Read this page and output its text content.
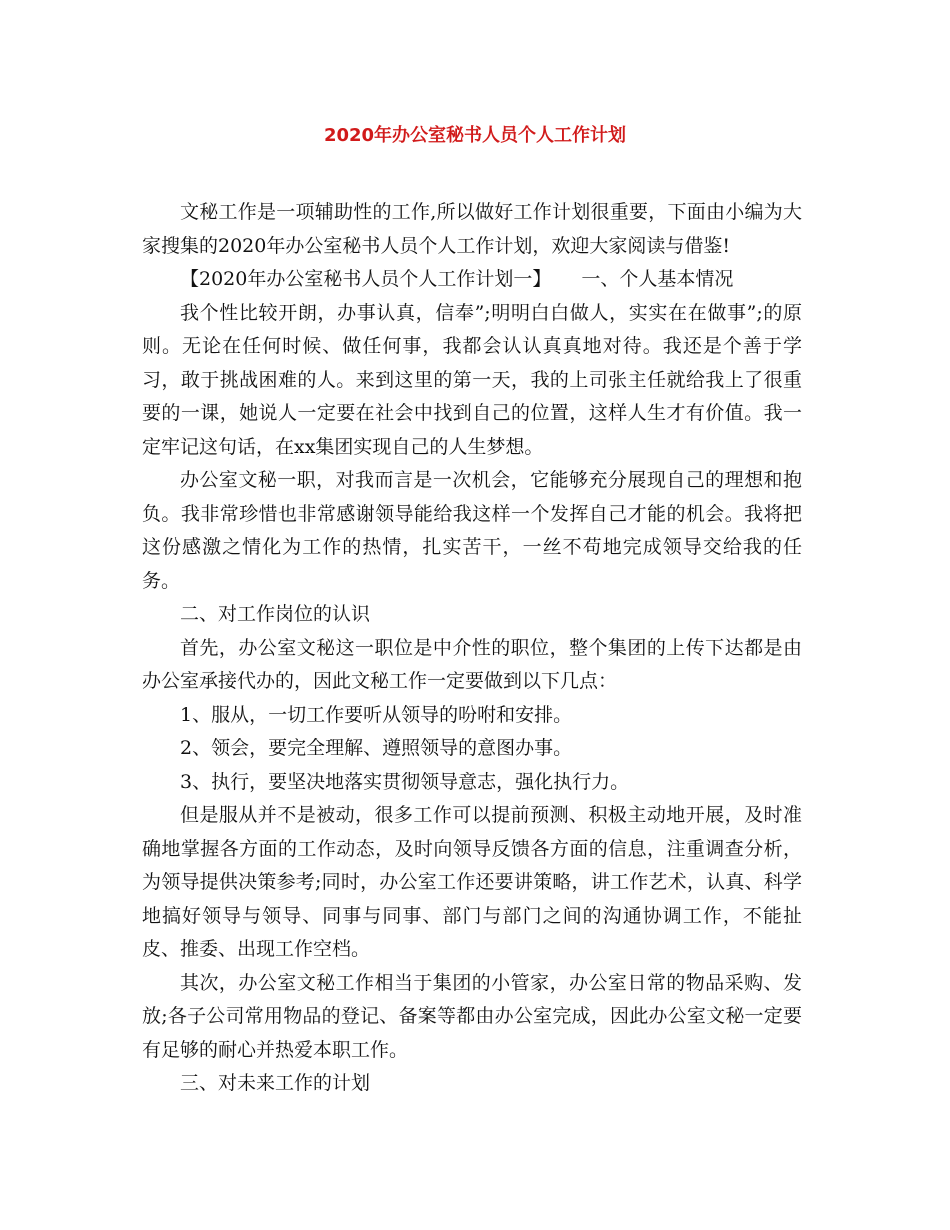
2020年办公室秘书人员个人工作计划

文秘工作是一项辅助性的工作,所以做好工作计划很重要，下面由小编为大家搜集的2020年办公室秘书人员个人工作计划，欢迎大家阅读与借鉴!

【2020年办公室秘书人员个人工作计划一】 一、个人基本情况

我个性比较开朗，办事认真，信奉”;明明白白做人，实实在在做事”;的原则。无论在任何时候、做任何事，我都会认认真真地对待。我还是个善于学习，敢于挑战困难的人。来到这里的第一天，我的上司张主任就给我上了很重要的一课，她说人一定要在社会中找到自己的位置，这样人生才有价值。我一定牢记这句话，在xx集团实现自己的人生梦想。

办公室文秘一职，对我而言是一次机会，它能够充分展现自己的理想和抱负。我非常珍惜也非常感谢领导能给我这样一个发挥自己才能的机会。我将把这份感激之情化为工作的热情，扎实苦干，一丝不苟地完成领导交给我的任务。

二、对工作岗位的认识

首先，办公室文秘这一职位是中介性的职位，整个集团的上传下达都是由办公室承接代办的，因此文秘工作一定要做到以下几点：

1、服从，一切工作要听从领导的吩咐和安排。

2、领会，要完全理解、遵照领导的意图办事。

3、执行，要坚决地落实贯彻领导意志，强化执行力。

但是服从并不是被动，很多工作可以提前预测、积极主动地开展，及时准确地掌握各方面的工作动态，及时向领导反馈各方面的信息，注重调查分析，为领导提供决策参考;同时，办公室工作还要讲策略，讲工作艺术，认真、科学地搞好领导与领导、同事与同事、部门与部门之间的沟通协调工作，不能扯皮、推委、出现工作空档。

其次，办公室文秘工作相当于集团的小管家，办公室日常的物品采购、发放;各子公司常用物品的登记、备案等都由办公室完成，因此办公室文秘一定要有足够的耐心并热爱本职工作。

三、对未来工作的计划
